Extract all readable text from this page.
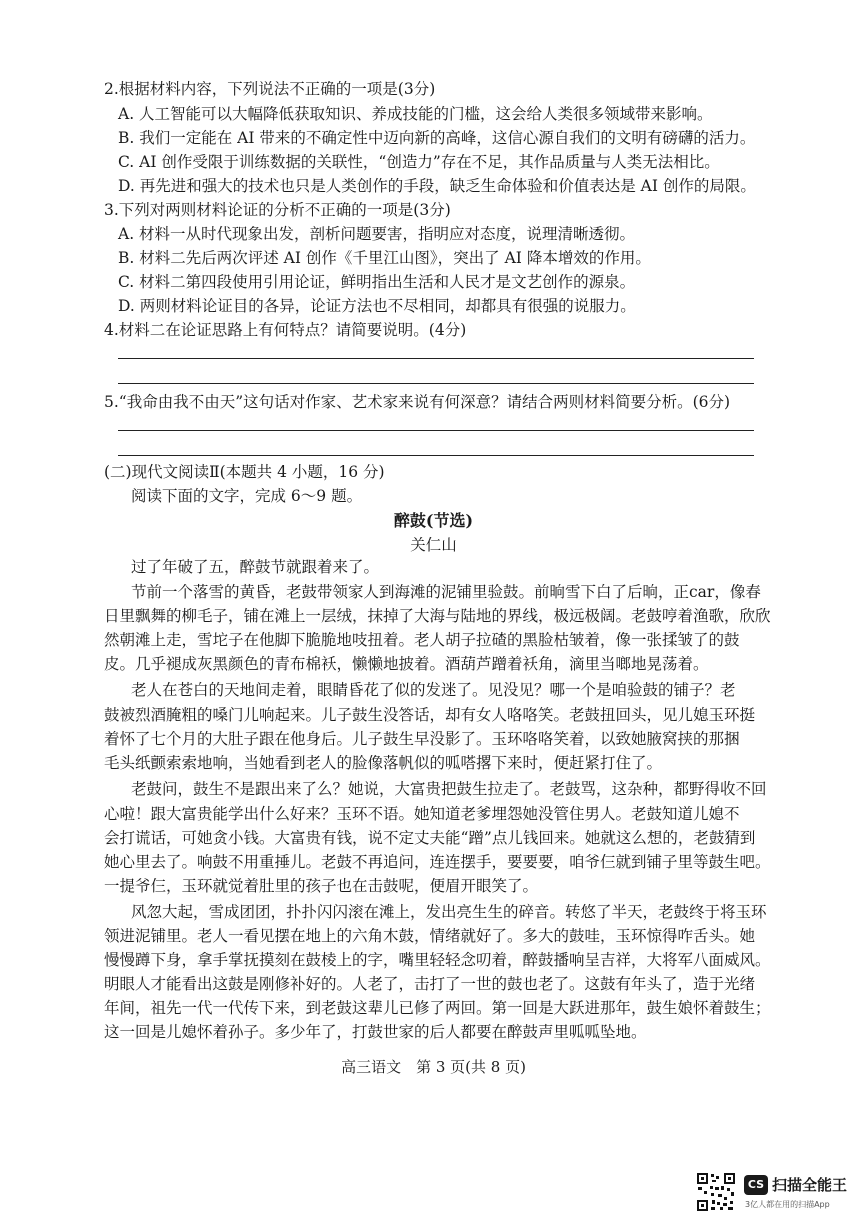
2.根据材料内容，下列说法不正确的一项是(3分)
A. 人工智能可以大幅降低获取知识、养成技能的门槛，这会给人类很多领域带来影响。
B. 我们一定能在 AI 带来的不确定性中迈向新的高峰，这信心源自我们的文明有磅礴的活力。
C. AI 创作受限于训练数据的关联性，“创造力”存在不足，其作品质量与人类无法相比。
D. 再先进和强大的技术也只是人类创作的手段，缺乏生命体验和价值表达是 AI 创作的局限。
3.下列对两则材料论证的分析不正确的一项是(3分)
A. 材料一从时代现象出发，剖析问题要害，指明应对态度，说理清晰透彻。
B. 材料二先后两次评述 AI 创作《千里江山图》，突出了 AI 降本增效的作用。
C. 材料二第四段使用引用论证，鲜明指出生活和人民才是文艺创作的源泉。
D. 两则材料论证目的各异，论证方法也不尽相同，却都具有很强的说服力。
4.材料二在论证思路上有何特点？请简要说明。(4分)
5.“我命由我不由天”这句话对作家、艺术家来说有何深意？请结合两则材料简要分析。(6分)
(二)现代文阅读Ⅱ(本题共 4 小题，16 分)
阅读下面的文字，完成 6～9 题。
醉鼓(节选)
关仁山
过了年破了五，醉鼓节就跟着来了。
节前一个落雪的黄昏，老鼓带领家人到海滩的泥铺里验鼓。前晌雪下白了后晌，正car，像春
日里飘舞的柳毛子，铺在滩上一层绒，抹掉了大海与陆地的界线，极远极阔。老鼓哼着渔歌，欣欣
然朝滩上走，雪坨子在他脚下脆脆地吱扭着。老人胡子拉碴的黑脸枯皱着，像一张揉皱了的鼓
皮。几乎褪成灰黑颜色的青布棉袄，懒懒地披着。酒葫芦蹭着袄角，滴里当啷地晃荡着。
老人在苍白的天地间走着，眼睛昏花了似的发迷了。见没见？哪一个是咱验鼓的铺子？老
鼓被烈酒腌粗的嗓门儿响起来。儿子鼓生没答话，却有女人咯咯笑。老鼓扭回头，见儿媳玉环挺
着怀了七个月的大肚子跟在他身后。儿子鼓生早没影了。玉环咯咯笑着，以致她腋窝挟的那捆
毛头纸颤索索地响，当她看到老人的脸像落帆似的呱嗒撂下来时，便赶紧打住了。
老鼓问，鼓生不是跟出来了么？她说，大富贵把鼓生拉走了。老鼓骂，这杂种，都野得收不回
心啦！跟大富贵能学出什么好来？玉环不语。她知道老爹埋怨她没管住男人。老鼓知道儿媳不
会打谎话，可她贪小钱。大富贵有钱，说不定丈夫能“蹭”点儿钱回来。她就这么想的，老鼓猜到
她心里去了。响鼓不用重捶儿。老鼓不再追问，连连摆手，要要要，咱爷仨就到铺子里等鼓生吧。
一提爷仨，玉环就觉着肚里的孩子也在击鼓呢，便眉开眼笑了。
风忽大起，雪成团团，扑扑闪闪滚在滩上，发出亮生生的碎音。转悠了半天，老鼓终于将玉环
领进泥铺里。老人一看见摆在地上的六角木鼓，情绪就好了。多大的鼓哇，玉环惊得咋舌头。她
慢慢蹲下身，拿手掌抚摸刻在鼓棱上的字，嘴里轻轻念叨着，醉鼓播响呈吉祥，大将军八面威风。
明眼人才能看出这鼓是刚修补好的。人老了，击打了一世的鼓也老了。这鼓有年头了，造于光绪
年间，祖先一代一代传下来，到老鼓这辈儿已修了两回。第一回是大跃进那年，鼓生娘怀着鼓生；
这一回是儿媳怀着孙子。多少年了，打鼓世家的后人都要在醉鼓声里呱呱坠地。
高三语文　第 3 页(共 8 页)
CS 扫描全能王
3亿人都在用的扫描App
